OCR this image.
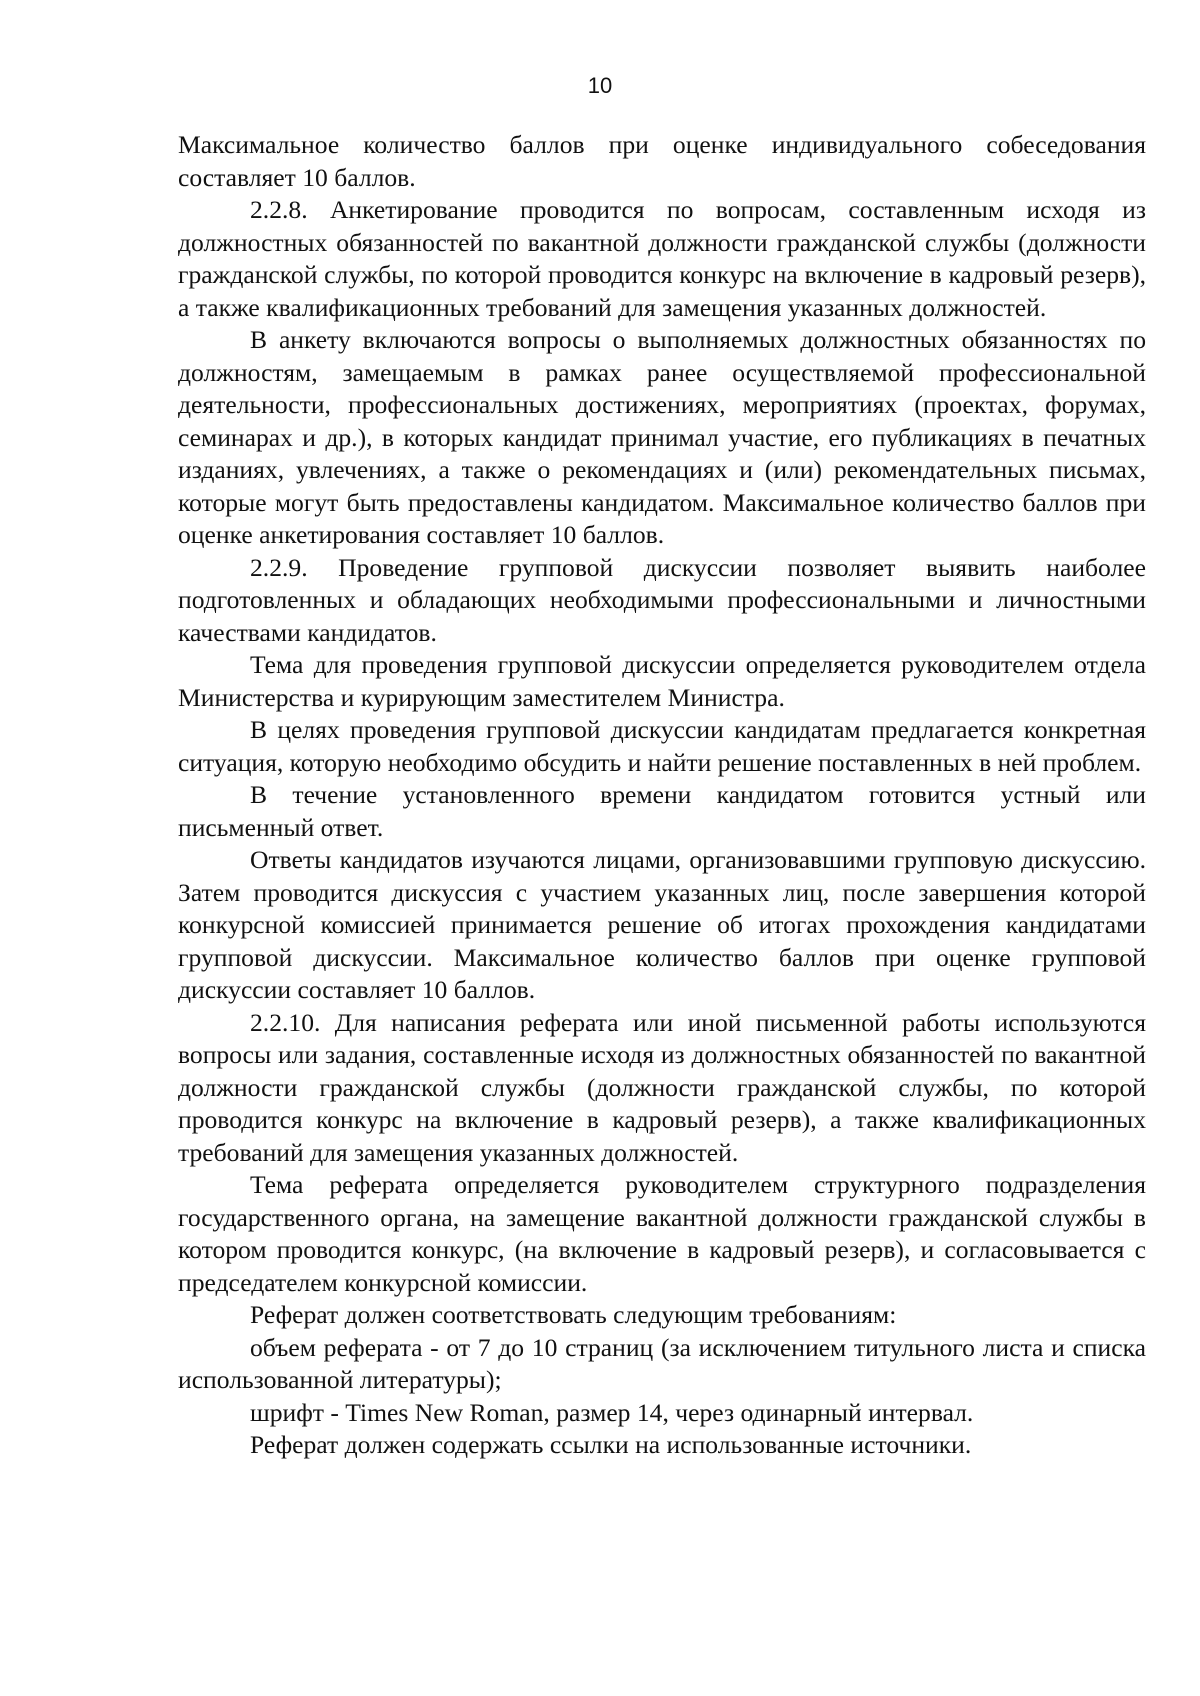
10

Максимальное количество баллов при оценке индивидуального собеседования составляет 10 баллов.

2.2.8. Анкетирование проводится по вопросам, составленным исходя из должностных обязанностей по вакантной должности гражданской службы (должности гражданской службы, по которой проводится конкурс на включение в кадровый резерв), а также квалификационных требований для замещения указанных должностей.

В анкету включаются вопросы о выполняемых должностных обязанностях по должностям, замещаемым в рамках ранее осуществляемой профессиональной деятельности, профессиональных достижениях, мероприятиях (проектах, форумах, семинарах и др.), в которых кандидат принимал участие, его публикациях в печатных изданиях, увлечениях, а также о рекомендациях и (или) рекомендательных письмах, которые могут быть предоставлены кандидатом. Максимальное количество баллов при оценке анкетирования составляет 10 баллов.

2.2.9. Проведение групповой дискуссии позволяет выявить наиболее подготовленных и обладающих необходимыми профессиональными и личностными качествами кандидатов.

Тема для проведения групповой дискуссии определяется руководителем отдела Министерства и курирующим заместителем Министра.

В целях проведения групповой дискуссии кандидатам предлагается конкретная ситуация, которую необходимо обсудить и найти решение поставленных в ней проблем.

В течение установленного времени кандидатом готовится устный или письменный ответ.

Ответы кандидатов изучаются лицами, организовавшими групповую дискуссию. Затем проводится дискуссия с участием указанных лиц, после завершения которой конкурсной комиссией принимается решение об итогах прохождения кандидатами групповой дискуссии. Максимальное количество баллов при оценке групповой дискуссии составляет 10 баллов.

2.2.10. Для написания реферата или иной письменной работы используются вопросы или задания, составленные исходя из должностных обязанностей по вакантной должности гражданской службы (должности гражданской службы, по которой проводится конкурс на включение в кадровый резерв), а также квалификационных требований для замещения указанных должностей.

Тема реферата определяется руководителем структурного подразделения государственного органа, на замещение вакантной должности гражданской службы в котором проводится конкурс, (на включение в кадровый резерв), и согласовывается с председателем конкурсной комиссии.

Реферат должен соответствовать следующим требованиям:

объем реферата - от 7 до 10 страниц (за исключением титульного листа и списка использованной литературы);

шрифт - Times New Roman, размер 14, через одинарный интервал.

Реферат должен содержать ссылки на использованные источники.
